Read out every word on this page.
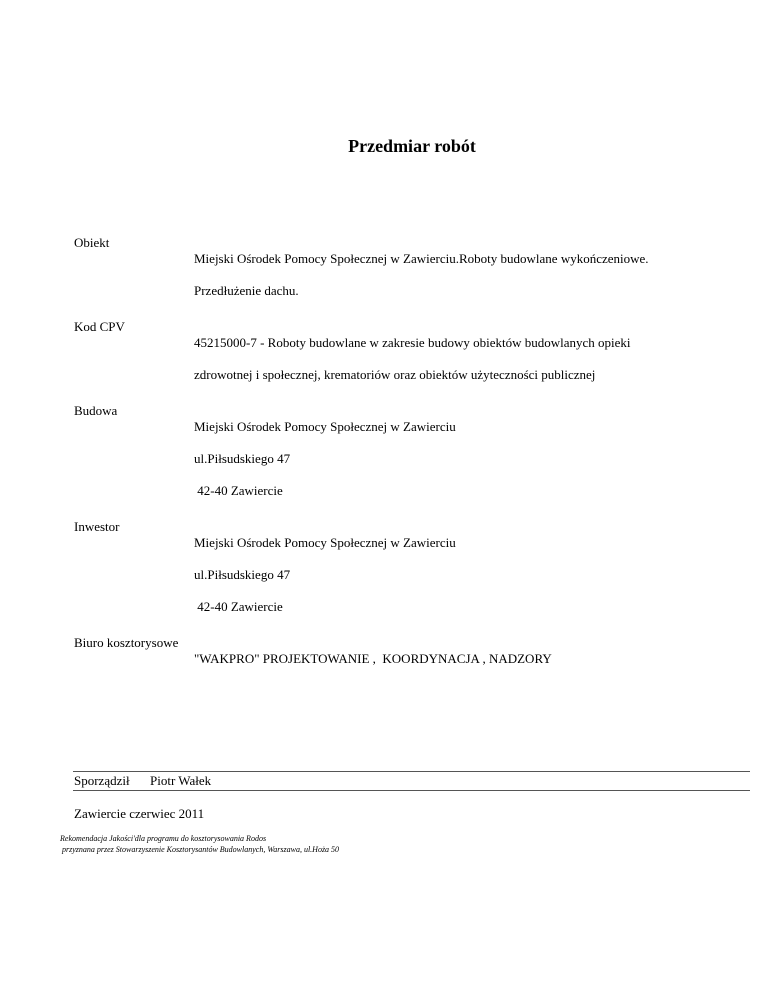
Przedmiar robót
Obiekt

Miejski Ośrodek Pomocy Społecznej w Zawierciu.Roboty budowlane wykończeniowe.

Przedłużenie dachu.

Kod CPV

45215000-7 - Roboty budowlane w zakresie budowy obiektów budowlanych opieki

zdrowotnej i społecznej, krematoriów oraz obiektów użyteczności publicznej

Budowa

Miejski Ośrodek Pomocy Społecznej w Zawierciu

ul.Piłsudskiego 47

42-40 Zawiercie

Inwestor

Miejski Ośrodek Pomocy Społecznej w Zawierciu

ul.Piłsudskiego 47

42-40 Zawiercie

Biuro kosztorysowe

"WAKPRO" PROJEKTOWANIE ,  KOORDYNACJA , NADZORY

Sporządził Piotr Wałek
Zawiercie czerwiec 2011
Rekomendacja Jakości'dla programu do kosztorysowania Rodos
przyznana przez Stowarzyszenie Kosztorysantów Budowlanych, Warszawa, ul.Hoża 50
